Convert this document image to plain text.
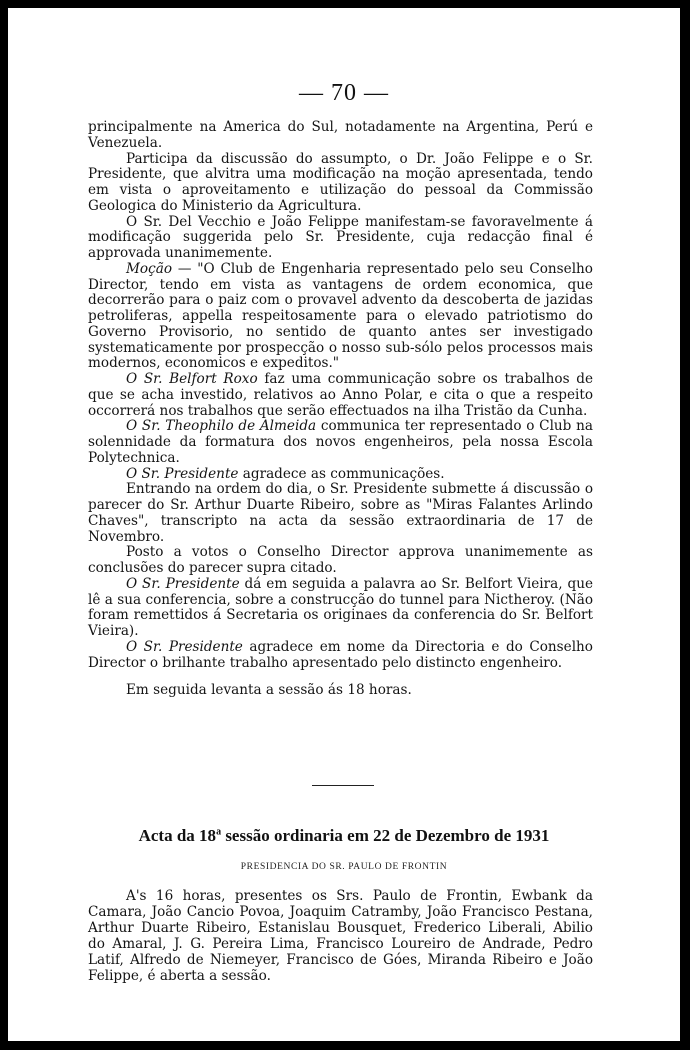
— 70 —

principalmente na America do Sul, notadamente na Argentina, Perú e Venezuela.

Participa da discussão do assumpto, o Dr. João Felippe e o Sr. Presidente, que alvitra uma modificação na moção apresentada, tendo em vista o aproveitamento e utilização do pessoal da Commissão Geologica do Ministerio da Agricultura.

O Sr. Del Vecchio e João Felippe manifestam-se favoravelmente á modificação suggerida pelo Sr. Presidente, cuja redacção final é approvada unanimemente.

Moção — "O Club de Engenharia representado pelo seu Conselho Director, tendo em vista as vantagens de ordem economica, que decorrerão para o paiz com o provavel advento da descoberta de jazidas petroliferas, appella respeitosamente para o elevado patriotismo do Governo Provisorio, no sentido de quanto antes ser investigado systematicamente por prospecção o nosso sub-sólo pelos processos mais modernos, economicos e expeditos."

O Sr. Belfort Roxo faz uma communicação sobre os trabalhos de que se acha investido, relativos ao Anno Polar, e cita o que a respeito occorrerá nos trabalhos que serão effectuados na ilha Tristão da Cunha.

O Sr. Theophilo de Almeida communica ter representado o Club na solennidade da formatura dos novos engenheiros, pela nossa Escola Polytechnica.

O Sr. Presidente agradece as communicações.

Entrando na ordem do dia, o Sr. Presidente submette á discussão o parecer do Sr. Arthur Duarte Ribeiro, sobre as "Miras Falantes Arlindo Chaves", transcripto na acta da sessão extraordinaria de 17 de Novembro.

Posto a votos o Conselho Director approva unanimemente as conclusões do parecer supra citado.

O Sr. Presidente dá em seguida a palavra ao Sr. Belfort Vieira, que lê a sua conferencia, sobre a construcção do tunnel para Nictheroy. (Não foram remettidos á Secretaria os originaes da conferencia do Sr. Belfort Vieira).

O Sr. Presidente agradece em nome da Directoria e do Conselho Director o brilhante trabalho apresentado pelo distincto engenheiro.

Em seguida levanta a sessão ás 18 horas.

Acta da 18$^a$ sessão ordinaria em 22 de Dezembro de 1931
PRESIDENCIA DO SR. PAULO DE FRONTIN

A's 16 horas, presentes os Srs. Paulo de Frontin, Ewbank da Camara, João Cancio Povoa, Joaquim Catramby, João Francisco Pestana, Arthur Duarte Ribeiro, Estanislau Bousquet, Frederico Liberali, Abilio do Amaral, J. G. Pereira Lima, Francisco Loureiro de Andrade, Pedro Latif, Alfredo de Niemeyer, Francisco de Góes, Miranda Ribeiro e João Felippe, é aberta a sessão.
